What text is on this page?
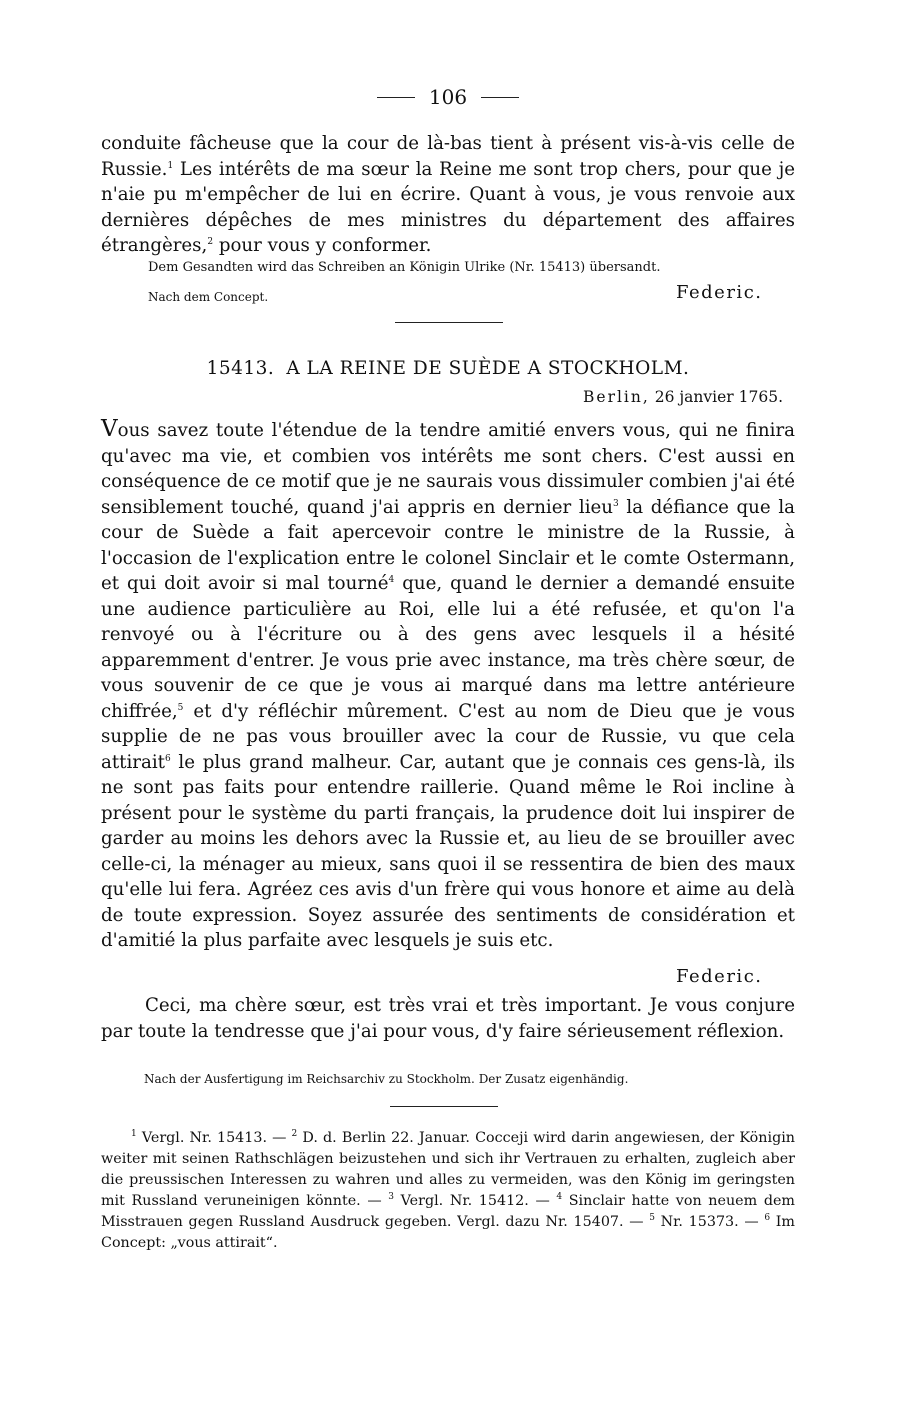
106

conduite fâcheuse que la cour de là-bas tient à présent vis-à-vis celle de Russie.$^1$ Les intérêts de ma sœur la Reine me sont trop chers, pour que je n'aie pu m'empêcher de lui en écrire. Quant à vous, je vous renvoie aux dernières dépêches de mes ministres du département des affaires étrangères,$^2$ pour vous y conformer.

Dem Gesandten wird das Schreiben an Königin Ulrike (Nr. 15413) übersandt.
Nach dem Concept.	Federic.
15413. A LA REINE DE SUÈDE A STOCKHOLM.
Berlin, 26 janvier 1765.

Vous savez toute l'étendue de la tendre amitié envers vous, qui ne finira qu'avec ma vie, et combien vos intérêts me sont chers. C'est aussi en conséquence de ce motif que je ne saurais vous dissimuler combien j'ai été sensiblement touché, quand j'ai appris en dernier lieu$^3$ la défiance que la cour de Suède a fait apercevoir contre le ministre de la Russie, à l'occasion de l'explication entre le colonel Sinclair et le comte Ostermann, et qui doit avoir si mal tourné$^4$ que, quand le dernier a demandé ensuite une audience particulière au Roi, elle lui a été refusée, et qu'on l'a renvoyé ou à l'écriture ou à des gens avec lesquels il a hésité apparemment d'entrer. Je vous prie avec instance, ma très chère sœur, de vous souvenir de ce que je vous ai marqué dans ma lettre antérieure chiffrée,$^5$ et d'y réfléchir mûrement. C'est au nom de Dieu que je vous supplie de ne pas vous brouiller avec la cour de Russie, vu que cela attirait$^6$ le plus grand malheur. Car, autant que je connais ces gens-là, ils ne sont pas faits pour entendre raillerie. Quand même le Roi incline à présent pour le système du parti français, la prudence doit lui inspirer de garder au moins les dehors avec la Russie et, au lieu de se brouiller avec celle-ci, la ménager au mieux, sans quoi il se ressentira de bien des maux qu'elle lui fera. Agréez ces avis d'un frère qui vous honore et aime au delà de toute expression. Soyez assurée des sentiments de considération et d'amitié la plus parfaite avec lesquels je suis etc.

Federic.

Ceci, ma chère sœur, est très vrai et très important. Je vous conjure par toute la tendresse que j'ai pour vous, d'y faire sérieusement réflexion.

Nach der Ausfertigung im Reichsarchiv zu Stockholm. Der Zusatz eigenhändig.

$^1$ Vergl. Nr. 15413. — $^2$ D. d. Berlin 22. Januar. Cocceji wird darin angewiesen, der Königin weiter mit seinen Rathschlägen beizustehen und sich ihr Vertrauen zu erhalten, zugleich aber die preussischen Interessen zu wahren und alles zu vermeiden, was den König im geringsten mit Russland veruneinigen könnte. — $^3$ Vergl. Nr. 15412. — $^4$ Sinclair hatte von neuem dem Misstrauen gegen Russland Ausdruck gegeben. Vergl. dazu Nr. 15407. — $^5$ Nr. 15373. — $^6$ Im Concept: „vous attirait“.
